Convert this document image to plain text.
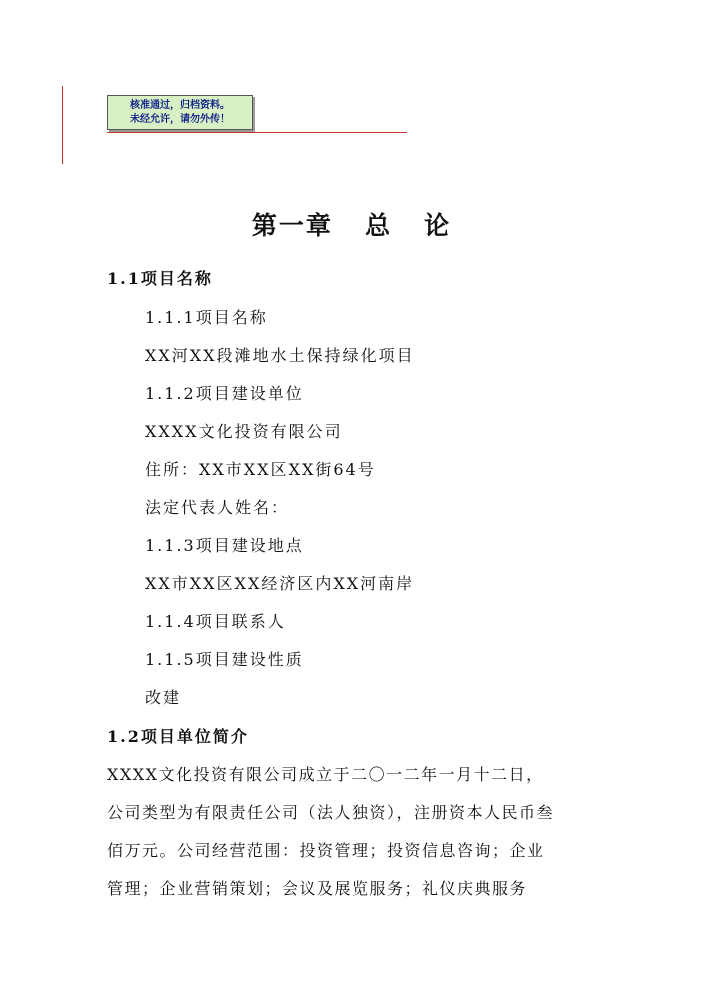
核准通过，归档资料。
未经允许，请勿外传！
第一章   总   论
1.1项目名称
1.1.1项目名称
XX河XX段滩地水土保持绿化项目
1.1.2项目建设单位
XXXX文化投资有限公司
住所：XX市XX区XX街64号
法定代表人姓名：
1.1.3项目建设地点
XX市XX区XX经济区内XX河南岸
1.1.4项目联系人
1.1.5项目建设性质
改建
1.2项目单位简介
XXXX文化投资有限公司成立于二〇一二年一月十二日，
公司类型为有限责任公司（法人独资），注册资本人民币叁
佰万元。公司经营范围：投资管理；投资信息咨询；企业
管理；企业营销策划；会议及展览服务；礼仪庆典服务
